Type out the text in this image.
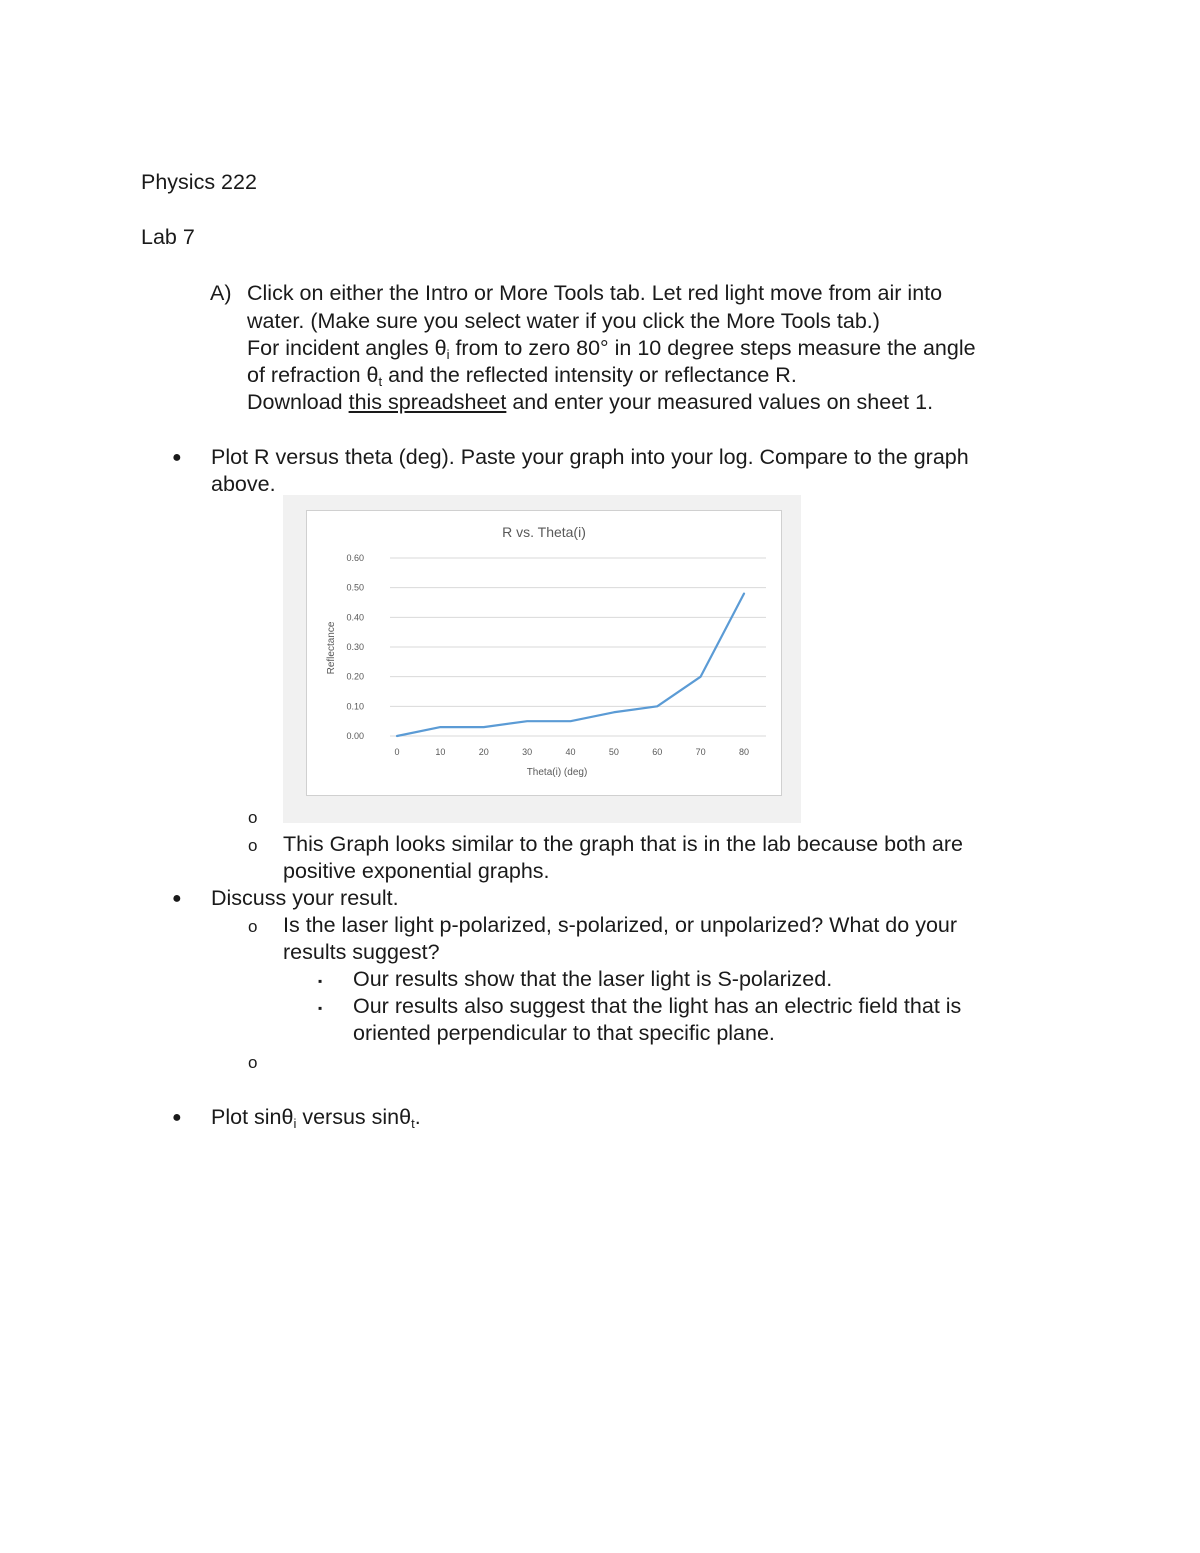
Physics 222
Lab 7
A) Click on either the Intro or More Tools tab. Let red light move from air into
water. (Make sure you select water if you click the More Tools tab.)
For incident angles $\theta_i$ from to zero 80° in 10 degree steps measure the angle
of refraction $\theta_t$ and the reflected intensity or reflectance R.
Download this spreadsheet and enter your measured values on sheet 1.
● Plot R versus theta (deg). Paste your graph into your log. Compare to the graph
above.
R vs. Theta(i)
0.00
0.10
0.20
0.30
0.40
0.50
0.60
0	10	20	30	40	50	60	70	80
Theta(i) (deg)
Reflectance
o
o This Graph looks similar to the graph that is in the lab because both are
positive exponential graphs.
● Discuss your result.
o Is the laser light p-polarized, s-polarized, or unpolarized? What do your
results suggest?
▪ Our results show that the laser light is S-polarized.
▪ Our results also suggest that the light has an electric field that is
oriented perpendicular to that specific plane.
o
● Plot sinθ$_i$ versus sinθ$_t$.
